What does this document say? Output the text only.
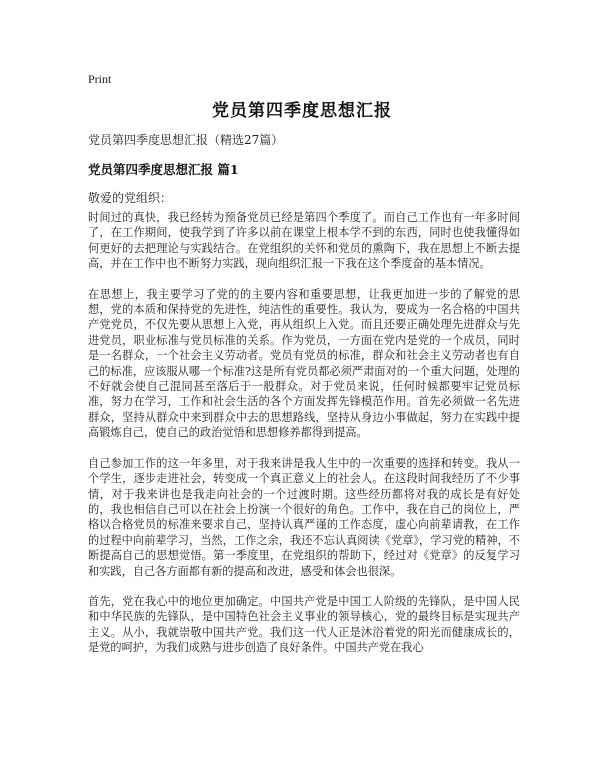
Print
党员第四季度思想汇报
党员第四季度思想汇报（精选27篇）
党员第四季度思想汇报 篇1
敬爱的党组织：

时间过的真快，我已经转为预备党员已经是第四个季度了。而自己工作也有一年多时间了，在工作期间，使我学到了许多以前在课堂上根本学不到的东西，同时也使我懂得如何更好的去把理论与实践结合。在党组织的关怀和党员的熏陶下，我在思想上不断去提高，并在工作中也不断努力实践，现向组织汇报一下我在这个季度奋的基本情况。

在思想上，我主要学习了党的的主要内容和重要思想，让我更加进一步的了解党的思想，党的本质和保持党的先进性，纯洁性的重要性。我认为，要成为一名合格的中国共产党党员，不仅先要从思想上入党，再从组织上入党。而且还要正确处理先进群众与先进党员，职业标准与党员标准的关系。作为党员，一方面在党内是党的一个成员，同时是一名群众，一个社会主义劳动者。党员有党员的标准，群众和社会主义劳动者也有自己的标准，应该服从哪一个标准?这是所有党员都必须严肃面对的一个重大问题，处理的不好就会使自己混同甚至落后于一般群众。对于党员来说，任何时候都要牢记党员标准，努力在学习，工作和社会生活的各个方面发挥先锋模范作用。首先必须做一名先进群众，坚持从群众中来到群众中去的思想路线，坚持从身边小事做起，努力在实践中提高锻炼自己，使自己的政治觉悟和思想修养都得到提高。

自己参加工作的这一年多里，对于我来讲是我人生中的一次重要的选择和转变。我从一个学生，逐步走进社会，转变成一个真正意义上的社会人。在这段时间我经历了不少事情，对于我来讲也是我走向社会的一个过渡时期。这些经历都将对我的成长是有好处的，我也相信自己可以在社会上扮演一个很好的角色。工作中，我在自己的岗位上，严格以合格党员的标准来要求自己，坚持认真严谨的工作态度，虚心向前辈请教，在工作的过程中向前辈学习，当然，工作之余，我还不忘认真阅读《党章》，学习党的精神，不断提高自己的思想觉悟。第一季度里，在党组织的帮助下，经过对《党章》的反复学习和实践，自己各方面都有新的提高和改进，感受和体会也很深。

首先，党在我心中的地位更加确定。中国共产党是中国工人阶级的先锋队，是中国人民和中华民族的先锋队，是中国特色社会主义事业的领导核心，党的最终目标是实现共产主义。从小，我就崇敬中国共产党。我们这一代人正是沐浴着党的阳光而健康成长的，是党的呵护，为我们成熟与进步创造了良好条件。中国共产党在我心
